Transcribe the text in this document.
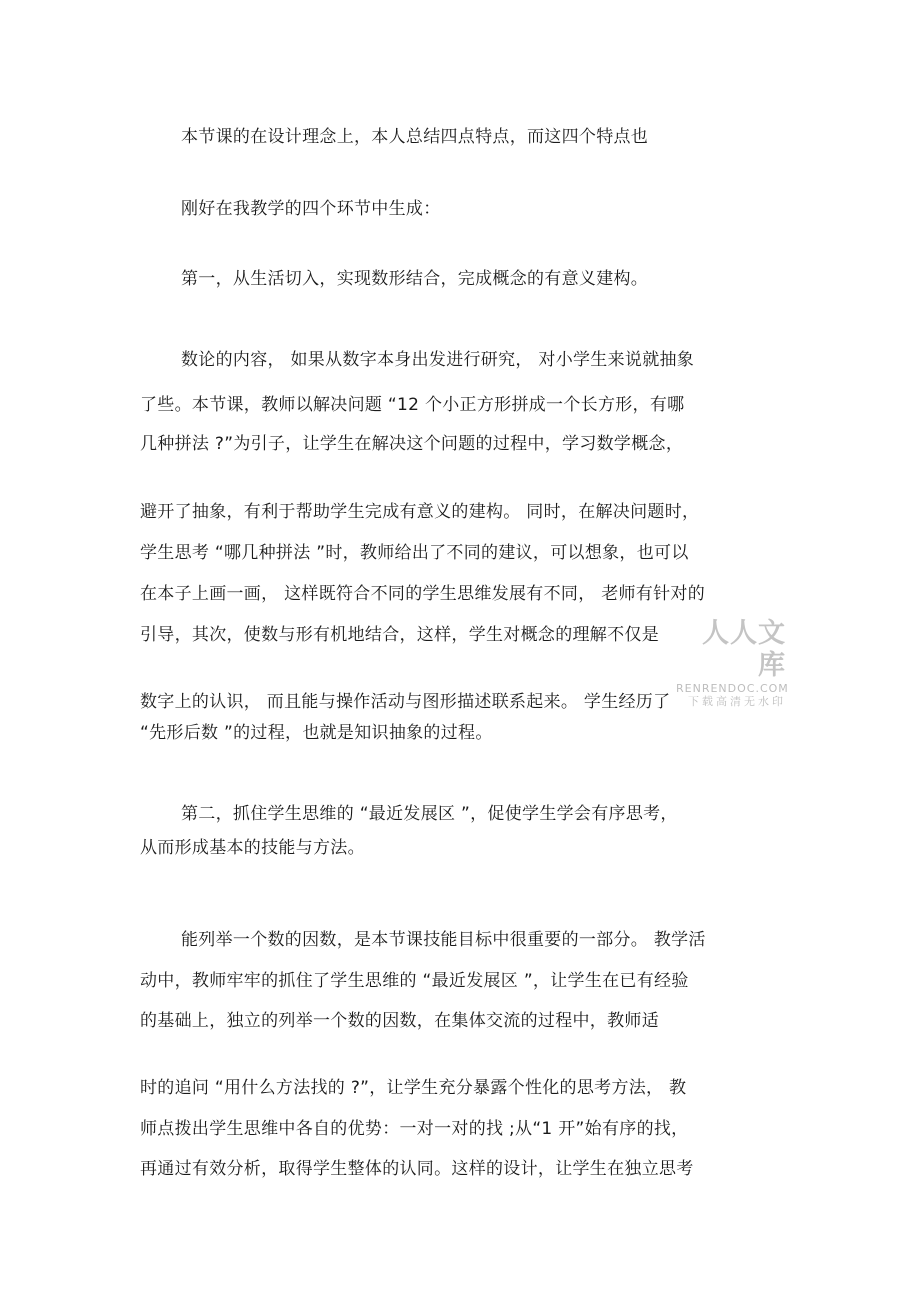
本节课的在设计理念上，本人总结四点特点，而这四个特点也
刚好在我教学的四个环节中生成：
第一，从生活切入，实现数形结合，完成概念的有意义建构。
数论的内容， 如果从数字本身出发进行研究， 对小学生来说就抽象
了些。本节课，教师以解决问题 “12 个小正方形拼成一个长方形，有哪
几种拼法 ?”为引子，让学生在解决这个问题的过程中，学习数学概念，
避开了抽象，有利于帮助学生完成有意义的建构。 同时，在解决问题时，
学生思考 “哪几种拼法 ”时，教师给出了不同的建议，可以想象，也可以
在本子上画一画， 这样既符合不同的学生思维发展有不同， 老师有针对的
引导，其次，使数与形有机地结合，这样，学生对概念的理解不仅是
数字上的认识， 而且能与操作活动与图形描述联系起来。 学生经历了
“先形后数 ”的过程，也就是知识抽象的过程。
第二，抓住学生思维的 “最近发展区 ”，促使学生学会有序思考，
从而形成基本的技能与方法。
能列举一个数的因数，是本节课技能目标中很重要的一部分。 教学活
动中，教师牢牢的抓住了学生思维的 “最近发展区 ”，让学生在已有经验
的基础上，独立的列举一个数的因数，在集体交流的过程中，教师适
时的追问 “用什么方法找的 ?”，让学生充分暴露个性化的思考方法， 教
师点拨出学生思维中各自的优势：一对一对的找 ;从“1 开”始有序的找，
再通过有效分析，取得学生整体的认同。这样的设计，让学生在独立思考
人人文库
RENRENDOC.COM
下载高清无水印
